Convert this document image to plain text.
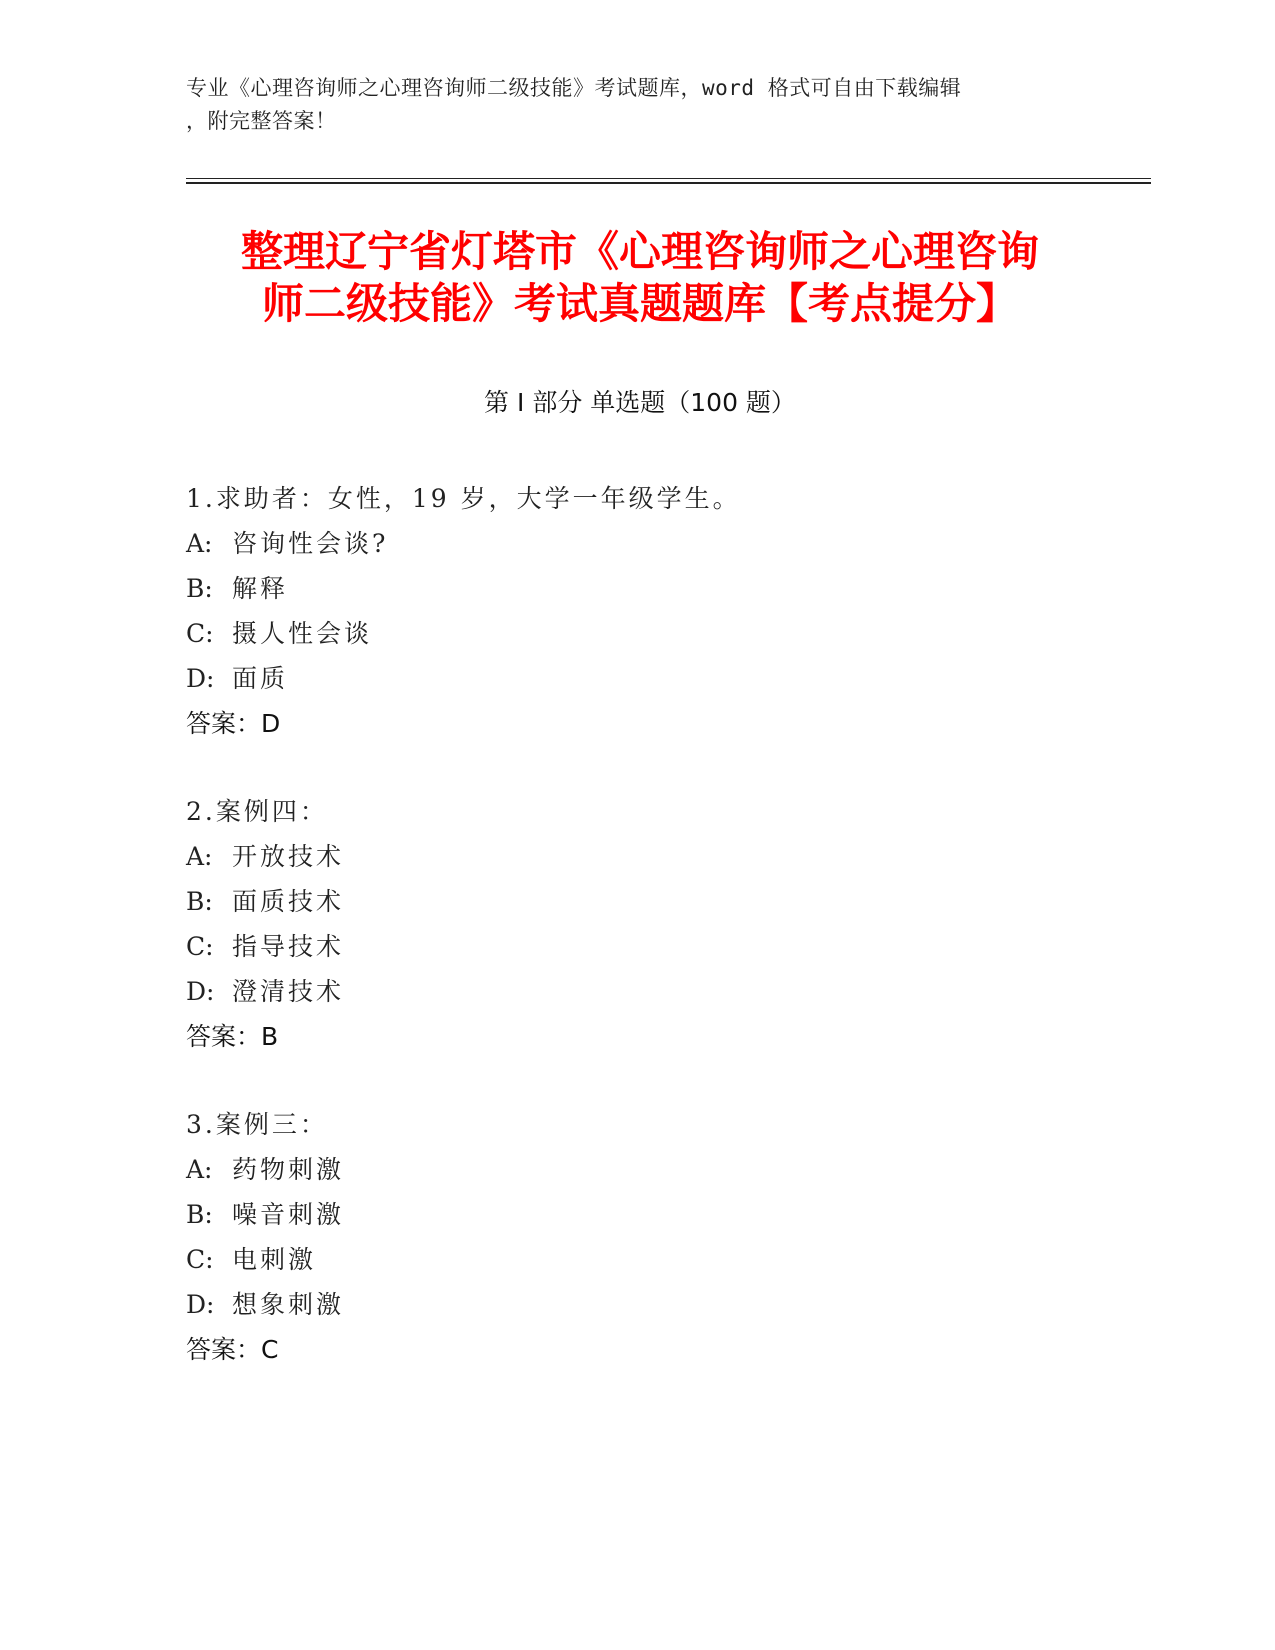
专业《心理咨询师之心理咨询师二级技能》考试题库，word 格式可自由下载编辑
，附完整答案！
整理辽宁省灯塔市《心理咨询师之心理咨询
师二级技能》考试真题题库【考点提分】
第 I 部分 单选题（100 题）
1.求助者：女性，19 岁，大学一年级学生。
A: 咨询性会谈?
B: 解释
C: 摄人性会谈
D: 面质
答案：D
2.案例四：
A: 开放技术
B: 面质技术
C: 指导技术
D: 澄清技术
答案：B
3.案例三：
A: 药物刺激
B: 噪音刺激
C: 电刺激
D: 想象刺激
答案：C
